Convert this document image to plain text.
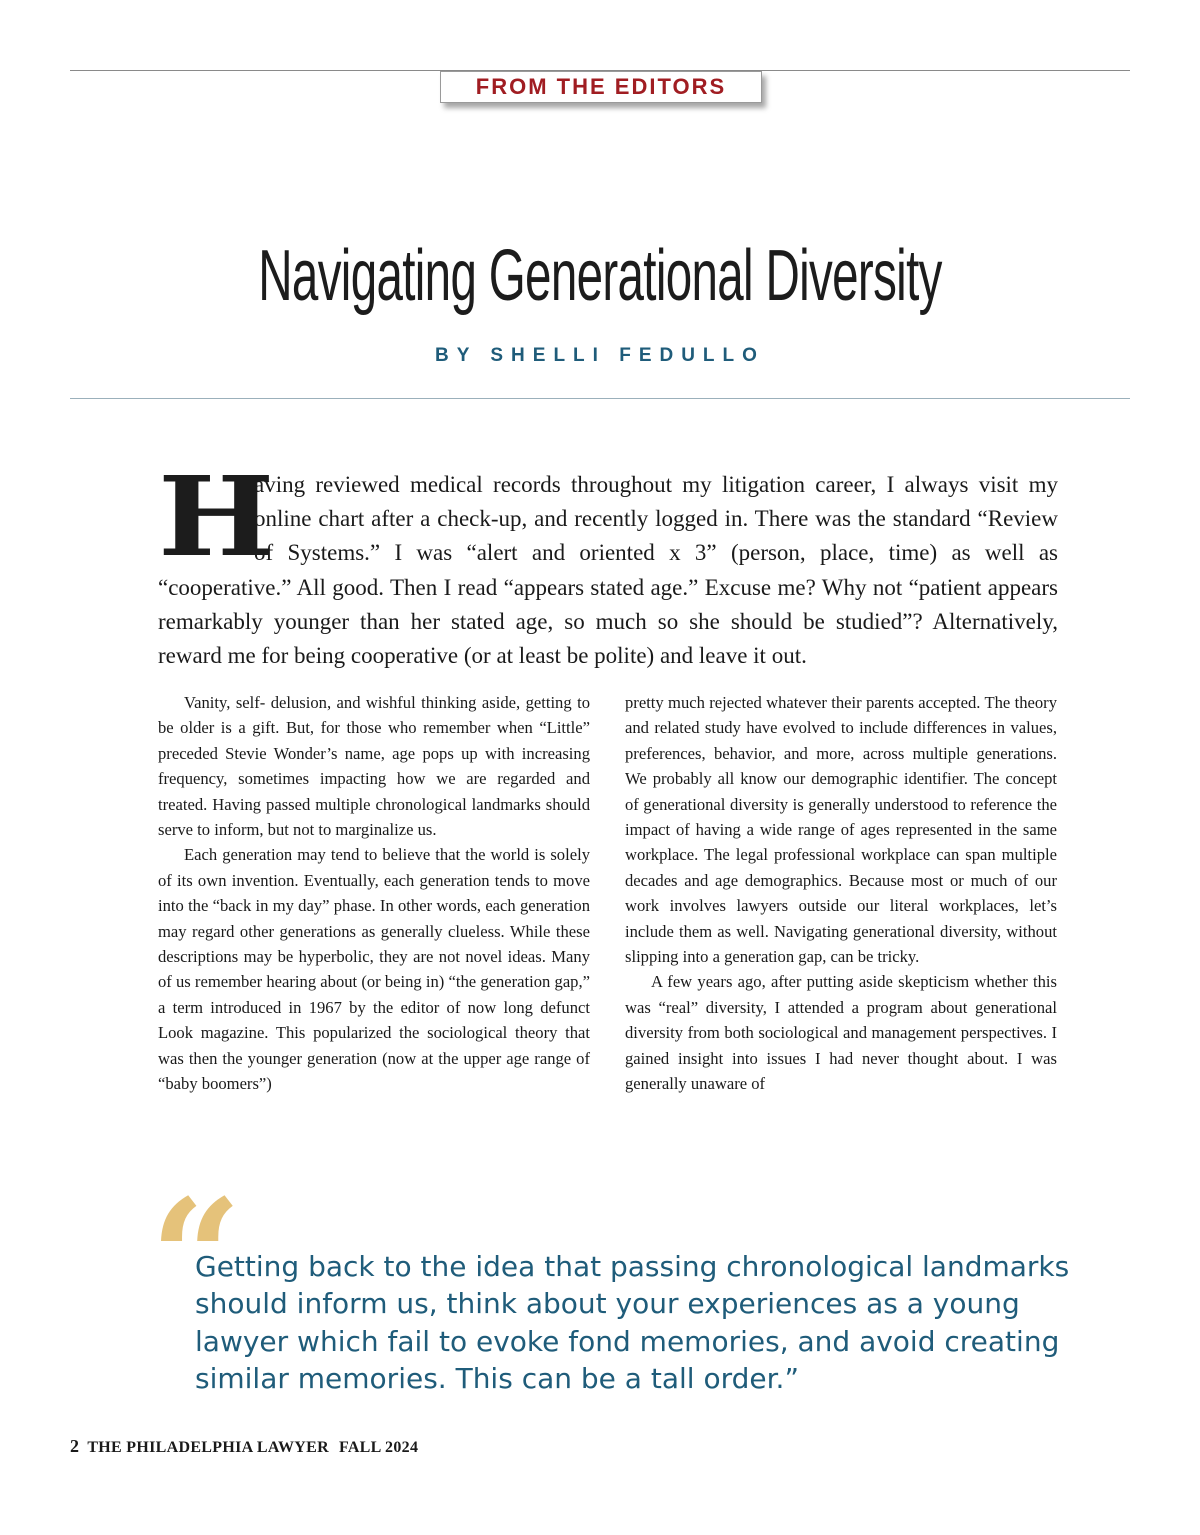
FROM THE EDITORS
Navigating Generational Diversity
BY SHELLI FEDULLO
H
aving reviewed medical records throughout my litigation career, I always visit my online chart after a check-up, and recently logged in. There was the standard “Review of Systems.” I was “alert and oriented x 3” (person, place, time) as well as “cooperative.” All good. Then I read “appears stated age.” Excuse me? Why not “patient appears remarkably younger than her stated age, so much so she should be studied”? Alternatively, reward me for being cooperative (or at least be polite) and leave it out.

Vanity, self- delusion, and wishful thinking aside, getting to be older is a gift. But, for those who remember when “Little” preceded Stevie Wonder’s name, age pops up with increasing frequency, sometimes impacting how we are regarded and treated. Having passed multiple chronological landmarks should serve to inform, but not to marginalize us.

Each generation may tend to believe that the world is solely of its own invention. Eventually, each generation tends to move into the “back in my day” phase. In other words, each generation may regard other generations as generally clueless. While these descriptions may be hyperbolic, they are not novel ideas. Many of us remember hearing about (or being in) “the generation gap,” a term introduced in 1967 by the editor of now long defunct Look magazine. This popularized the sociological theory that was then the younger generation (now at the upper age range of “baby boomers”)

pretty much rejected whatever their parents accepted. The theory and related study have evolved to include differences in values, preferences, behavior, and more, across multiple generations. We probably all know our demographic identifier. The concept of generational diversity is generally understood to reference the impact of having a wide range of ages represented in the same workplace. The legal professional workplace can span multiple decades and age demographics. Because most or much of our work involves lawyers outside our literal workplaces, let’s include them as well. Navigating generational diversity, without slipping into a generation gap, can be tricky.

A few years ago, after putting aside skepticism whether this was “real” diversity, I attended a program about generational diversity from both sociological and management perspectives. I gained insight into issues I had never thought about. I was generally unaware of

“
Getting back to the idea that passing chronological landmarks should inform us, think about your experiences as a young lawyer which fail to evoke fond memories, and avoid creating similar memories. This can be a tall order.”
2 THE PHILADELPHIA LAWYER FALL 2024
